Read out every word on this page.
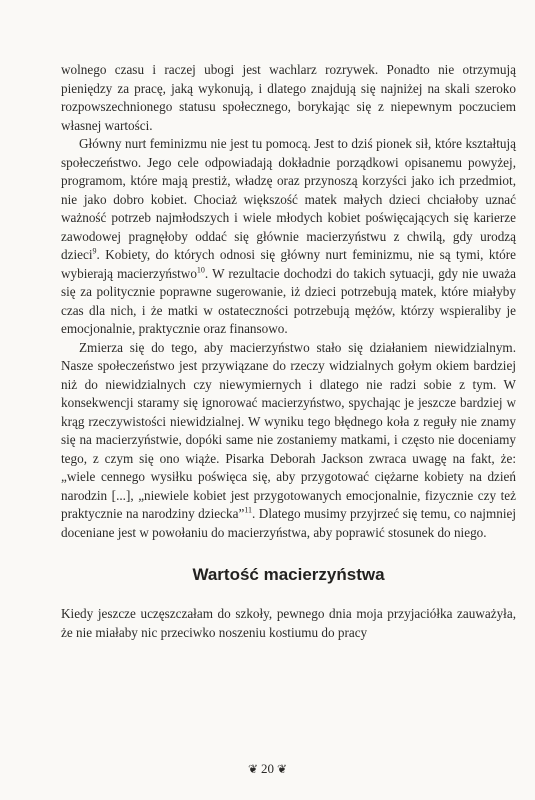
wolnego czasu i raczej ubogi jest wachlarz rozrywek. Ponadto nie otrzymują pieniędzy za pracę, jaką wykonują, i dlatego znajdują się najniżej na skali szeroko rozpowszechnionego statusu społecznego, borykając się z niepewnym poczuciem własnej wartości.

Główny nurt feminizmu nie jest tu pomocą. Jest to dziś pionek sił, które kształtują społeczeństwo. Jego cele odpowiadają dokładnie porządkowi opisanemu powyżej, programom, które mają prestiż, władzę oraz przynoszą korzyści jako ich przedmiot, nie jako dobro kobiet. Chociaż większość matek małych dzieci chciałoby uznać ważność potrzeb najmłodszych i wiele młodych kobiet poświęcających się karierze zawodowej pragnęłoby oddać się głównie macierzyństwu z chwilą, gdy urodzą dzieci$^9$. Kobiety, do których odnosi się główny nurt feminizmu, nie są tymi, które wybierają macierzyństwo$^{10}$. W rezultacie dochodzi do takich sytuacji, gdy nie uważa się za politycznie poprawne sugerowanie, iż dzieci potrzebują matek, które miałyby czas dla nich, i że matki w ostateczności potrzebują mężów, którzy wspieraliby je emocjonalnie, praktycznie oraz finansowo.

Zmierza się do tego, aby macierzyństwo stało się działaniem niewidzialnym. Nasze społeczeństwo jest przywiązane do rzeczy widzialnych gołym okiem bardziej niż do niewidzialnych czy niewymiernych i dlatego nie radzi sobie z tym. W konsekwencji staramy się ignorować macierzyństwo, spychając je jeszcze bardziej w krąg rzeczywistości niewidzialnej. W wyniku tego błędnego koła z reguły nie znamy się na macierzyństwie, dopóki same nie zostaniemy matkami, i często nie doceniamy tego, z czym się ono wiąże. Pisarka Deborah Jackson zwraca uwagę na fakt, że: „wiele cennego wysiłku poświęca się, aby przygotować ciężarne kobiety na dzień narodzin [...], „niewiele kobiet jest przygotowanych emocjonalnie, fizycznie czy też praktycznie na narodziny dziecka”$^{11}$. Dlatego musimy przyjrzeć się temu, co najmniej doceniane jest w powołaniu do macierzyństwa, aby poprawić stosunek do niego.

Wartość macierzyństwa

Kiedy jeszcze uczęszczałam do szkoły, pewnego dnia moja przyjaciółka zauważyła, że nie miałaby nic przeciwko noszeniu kostiumu do pracy

❦ 20 ❦
